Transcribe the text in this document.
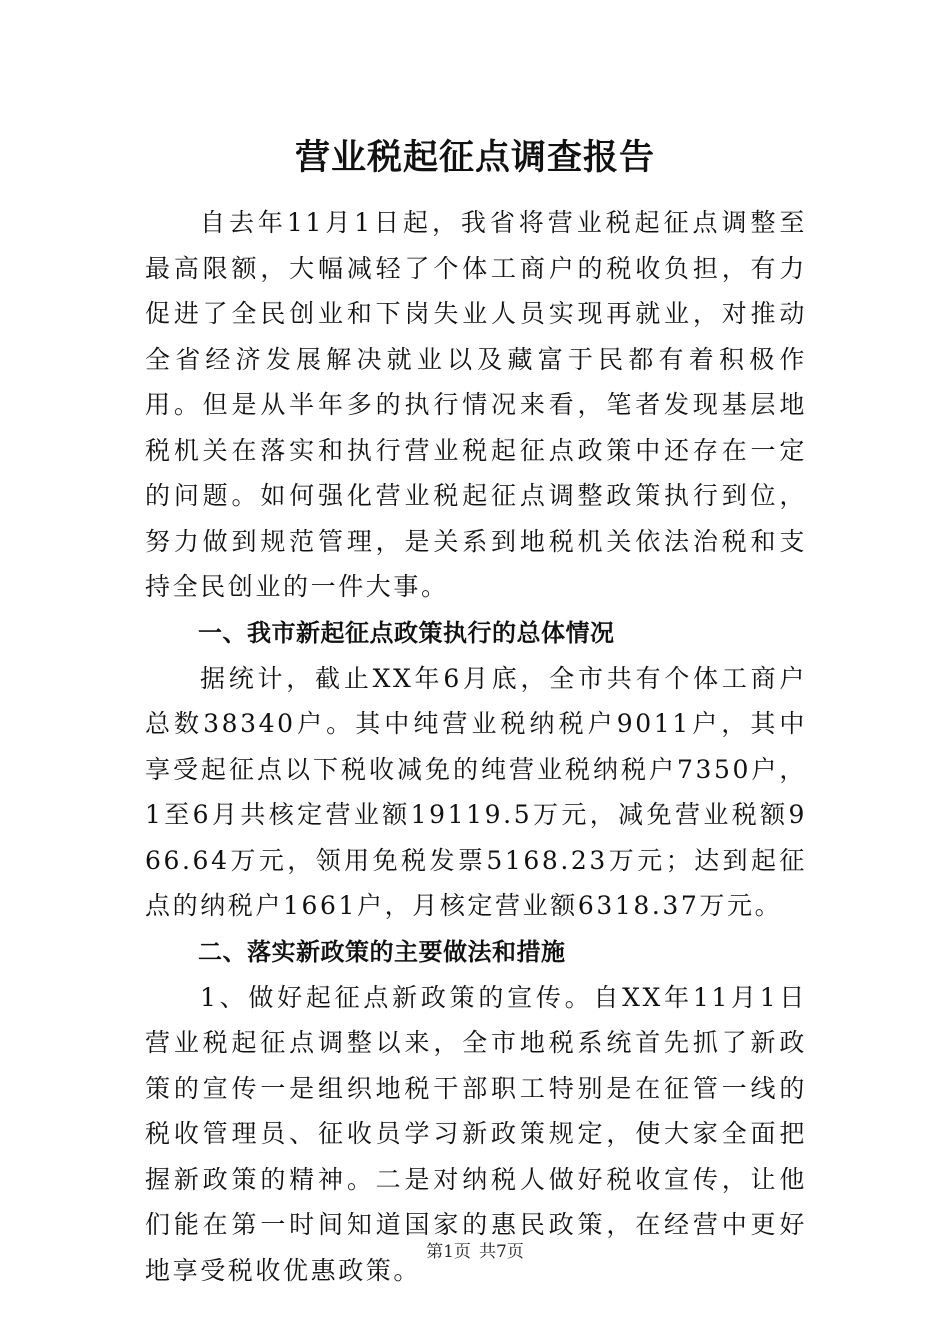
营业税起征点调查报告

自去年11月1日起，我省将营业税起征点调整至最高限额，大幅减轻了个体工商户的税收负担，有力促进了全民创业和下岗失业人员实现再就业，对推动全省经济发展解决就业以及藏富于民都有着积极作用。但是从半年多的执行情况来看，笔者发现基层地税机关在落实和执行营业税起征点政策中还存在一定的问题。如何强化营业税起征点调整政策执行到位，努力做到规范管理，是关系到地税机关依法治税和支持全民创业的一件大事。

一、我市新起征点政策执行的总体情况

据统计，截止XX年6月底，全市共有个体工商户总数38340户。其中纯营业税纳税户9011户，其中享受起征点以下税收减免的纯营业税纳税户7350户，1至6月共核定营业额19119.5万元，减免营业税额966.64万元，领用免税发票5168.23万元；达到起征点的纳税户1661户，月核定营业额6318.37万元。

二、落实新政策的主要做法和措施

1、做好起征点新政策的宣传。自XX年11月1日营业税起征点调整以来，全市地税系统首先抓了新政策的宣传一是组织地税干部职工特别是在征管一线的税收管理员、征收员学习新政策规定，使大家全面把握新政策的精神。二是对纳税人做好税收宣传，让他们能在第一时间知道国家的惠民政策，在经营中更好地享受税收优惠政策。

第1页 共7页
